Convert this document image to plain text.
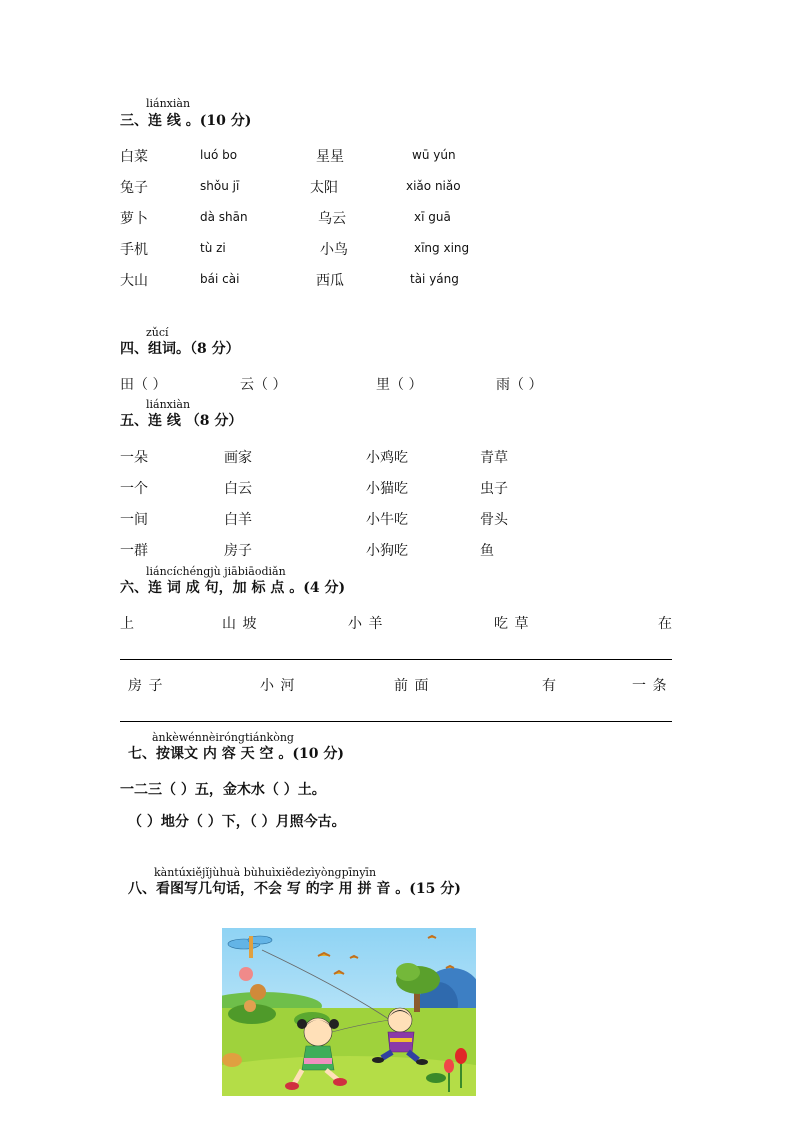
liánxiàn
三、连 线 。(10 分)
白菜	luó bo	星星	wū yún
兔子	shǒu jī	太阳	xiǎo niǎo
萝卜	dà shān	乌云	xī guā
手机	tù zi	小鸟	xīng xing
大山	bái cài	西瓜	tài yáng
zǔcí
四、组词。（8 分）
田（ ）	云（ ）	里（ ）	雨（ ）
liánxiàn
五、连 线 （8 分）
一朵	画家	小鸡吃	青草
一个	白云	小猫吃	虫子
一间	白羊	小牛吃	骨头
一群	房子	小狗吃	鱼
liáncíchéngjù jiābiāodiǎn
六、连 词 成 句，加 标 点 。(4 分)
上	山 坡	小 羊	吃 草	在
房 子	小 河	前 面	有	一 条
ànkèwénnèiróngtiánkòng
七、按课文 内 容 天 空 。(10 分)
一二三（ ）五，金木水（ ）土。
（ ）地分（ ）下，（ ）月照今古。
kàntúxiějǐjùhuà bùhuìxiědezìyòngpīnyīn
八、看图写几句话，不会 写 的字 用 拼 音 。(15 分)
